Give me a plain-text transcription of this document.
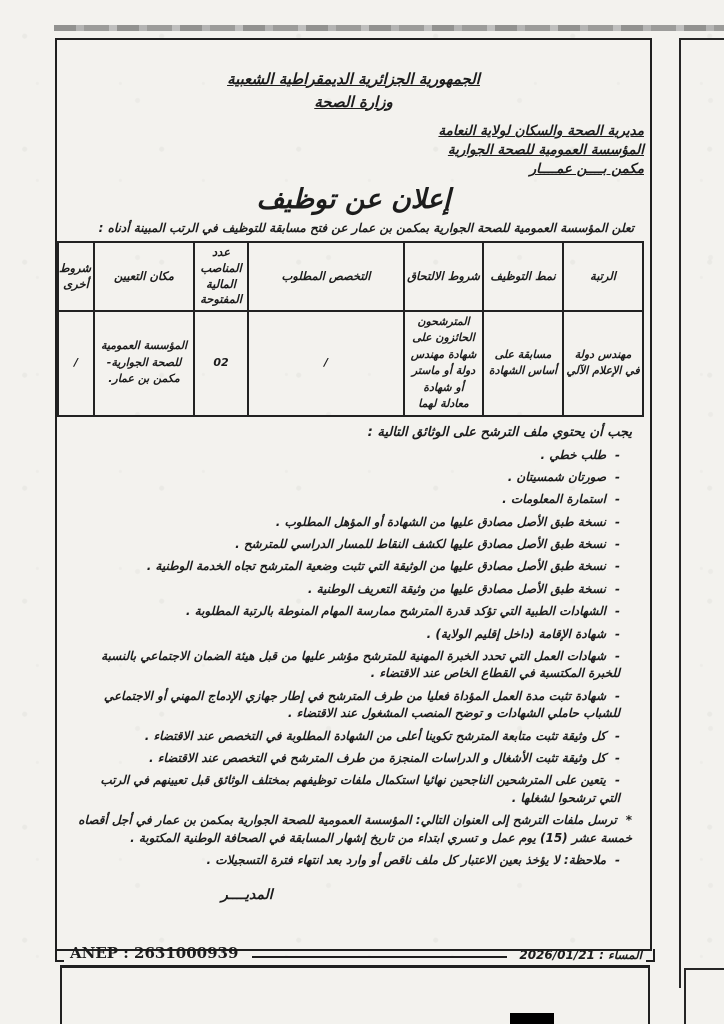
الجمهورية الجزائرية الديمقراطية الشعبية
وزارة الصحة
مديرية الصحة والسكان لولاية النعامة
المؤسسة العمومية للصحة الجوارية
مكمن بــــن عمــــار
إعلان عن توظيف
تعلن المؤسسة العمومية للصحة الجوارية بمكمن بن عمار عن فتح مسابقة للتوظيف في الرتب المبينة أدناه :
الرتبة	نمط التوظيف	شروط الالتحاق	التخصص المطلوب	عدد المناصب المالية المفتوحة	مكان التعيين	شروط أخرى
مهندس دولة في الإعلام الآلي	مسابقة على أساس الشهادة	المترشحون الحائزون على شهادة مهندس دولة أو ماستر أو شهادة معادلة لهما	/	02	المؤسسة العمومية للصحة الجوارية- مكمن بن عمار.	/
يجب أن يحتوي ملف الترشح على الوثائق التالية :
-طلب خطي .
-صورتان شمسيتان .
-استمارة المعلومات .
-نسخة طبق الأصل مصادق عليها من الشهادة أو المؤهل المطلوب .
-نسخة طبق الأصل مصادق عليها لكشف النقاط للمسار الدراسي للمترشح .
-نسخة طبق الأصل مصادق عليها من الوثيقة التي تثبت وضعية المترشح تجاه الخدمة الوطنية .
-نسخة طبق الأصل مصادق عليها من وثيقة التعريف الوطنية .
-الشهادات الطبية التي تؤكد قدرة المترشح ممارسة المهام المنوطة بالرتبة المطلوبة .
-شهادة الإقامة (داخل إقليم الولاية) .
-شهادات العمل التي تحدد الخبرة المهنية للمترشح مؤشر عليها من قبل هيئة الضمان الاجتماعي بالنسبة للخبرة المكتسبة في القطاع الخاص عند الاقتضاء .
-شهادة تثبت مدة العمل المؤداة فعليا من طرف المترشح في إطار جهازي الإدماج المهني أو الاجتماعي للشباب حاملي الشهادات و توضح المنصب المشغول عند الاقتضاء .
-كل وثيقة تثبت متابعة المترشح تكوينا أعلى من الشهادة المطلوبة في التخصص عند الاقتضاء .
-كل وثيقة تثبت الأشغال و الدراسات المنجزة من طرف المترشح في التخصص عند الاقتضاء .
-يتعين على المترشحين الناجحين نهائيا استكمال ملفات توظيفهم بمختلف الوثائق قبل تعيينهم في الرتب التي ترشحوا لشغلها .
*ترسل ملفات الترشح إلى العنوان التالي: المؤسسة العمومية للصحة الجوارية بمكمن بن عمار في أجل أقصاه خمسة عشر (15) يوم عمل و تسري ابتداء من تاريخ إشهار المسابقة في الصحافة الوطنية المكتوبة .
-ملاحظة: لا يؤخذ بعين الاعتبار كل ملف ناقص أو وارد بعد انتهاء فترة التسجيلات .
المديــــر
ANEP : 2631000939	المساء : 2026/01/21
